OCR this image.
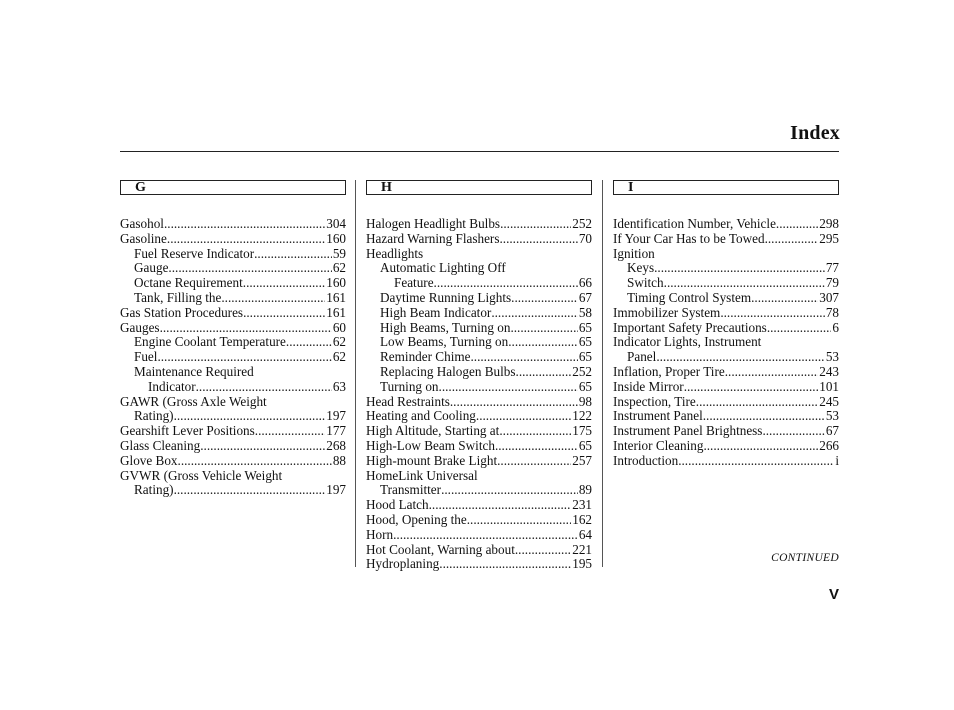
Index
G
Gasohol .....	304
Gasoline .....	160
Fuel Reserve Indicator .....	59
Gauge .....	62
Octane Requirement .....	160
Tank, Filling the .....	161
Gas Station Procedures .....	161
Gauges .....	60
Engine Coolant Temperature .....	62
Fuel .....	62
Maintenance Required
Indicator .....	63
GAWR (Gross Axle Weight
Rating) .....	197
Gearshift Lever Positions .....	177
Glass Cleaning .....	268
Glove Box .....	88
GVWR (Gross Vehicle Weight
Rating) .....	197
H
Halogen Headlight Bulbs .....	252
Hazard Warning Flashers .....	70
Headlights
Automatic Lighting Off
Feature .....	66
Daytime Running Lights .....	67
High Beam Indicator .....	58
High Beams, Turning on .....	65
Low Beams, Turning on .....	65
Reminder Chime .....	65
Replacing Halogen Bulbs .....	252
Turning on .....	65
Head Restraints .....	98
Heating and Cooling .....	122
High Altitude, Starting at .....	175
High-Low Beam Switch .....	65
High-mount Brake Light .....	257
HomeLink Universal
Transmitter .....	89
Hood Latch .....	231
Hood, Opening the .....	162
Horn .....	64
Hot Coolant, Warning about .....	221
Hydroplaning .....	195
I
Identification Number, Vehicle .....	298
If Your Car Has to be Towed .....	295
Ignition
Keys .....	77
Switch .....	79
Timing Control System .....	307
Immobilizer System .....	78
Important Safety Precautions .....	6
Indicator Lights, Instrument
Panel .....	53
Inflation, Proper Tire .....	243
Inside Mirror .....	101
Inspection, Tire .....	245
Instrument Panel .....	53
Instrument Panel Brightness .....	67
Interior Cleaning .....	266
Introduction .....	i
CONTINUED
V
